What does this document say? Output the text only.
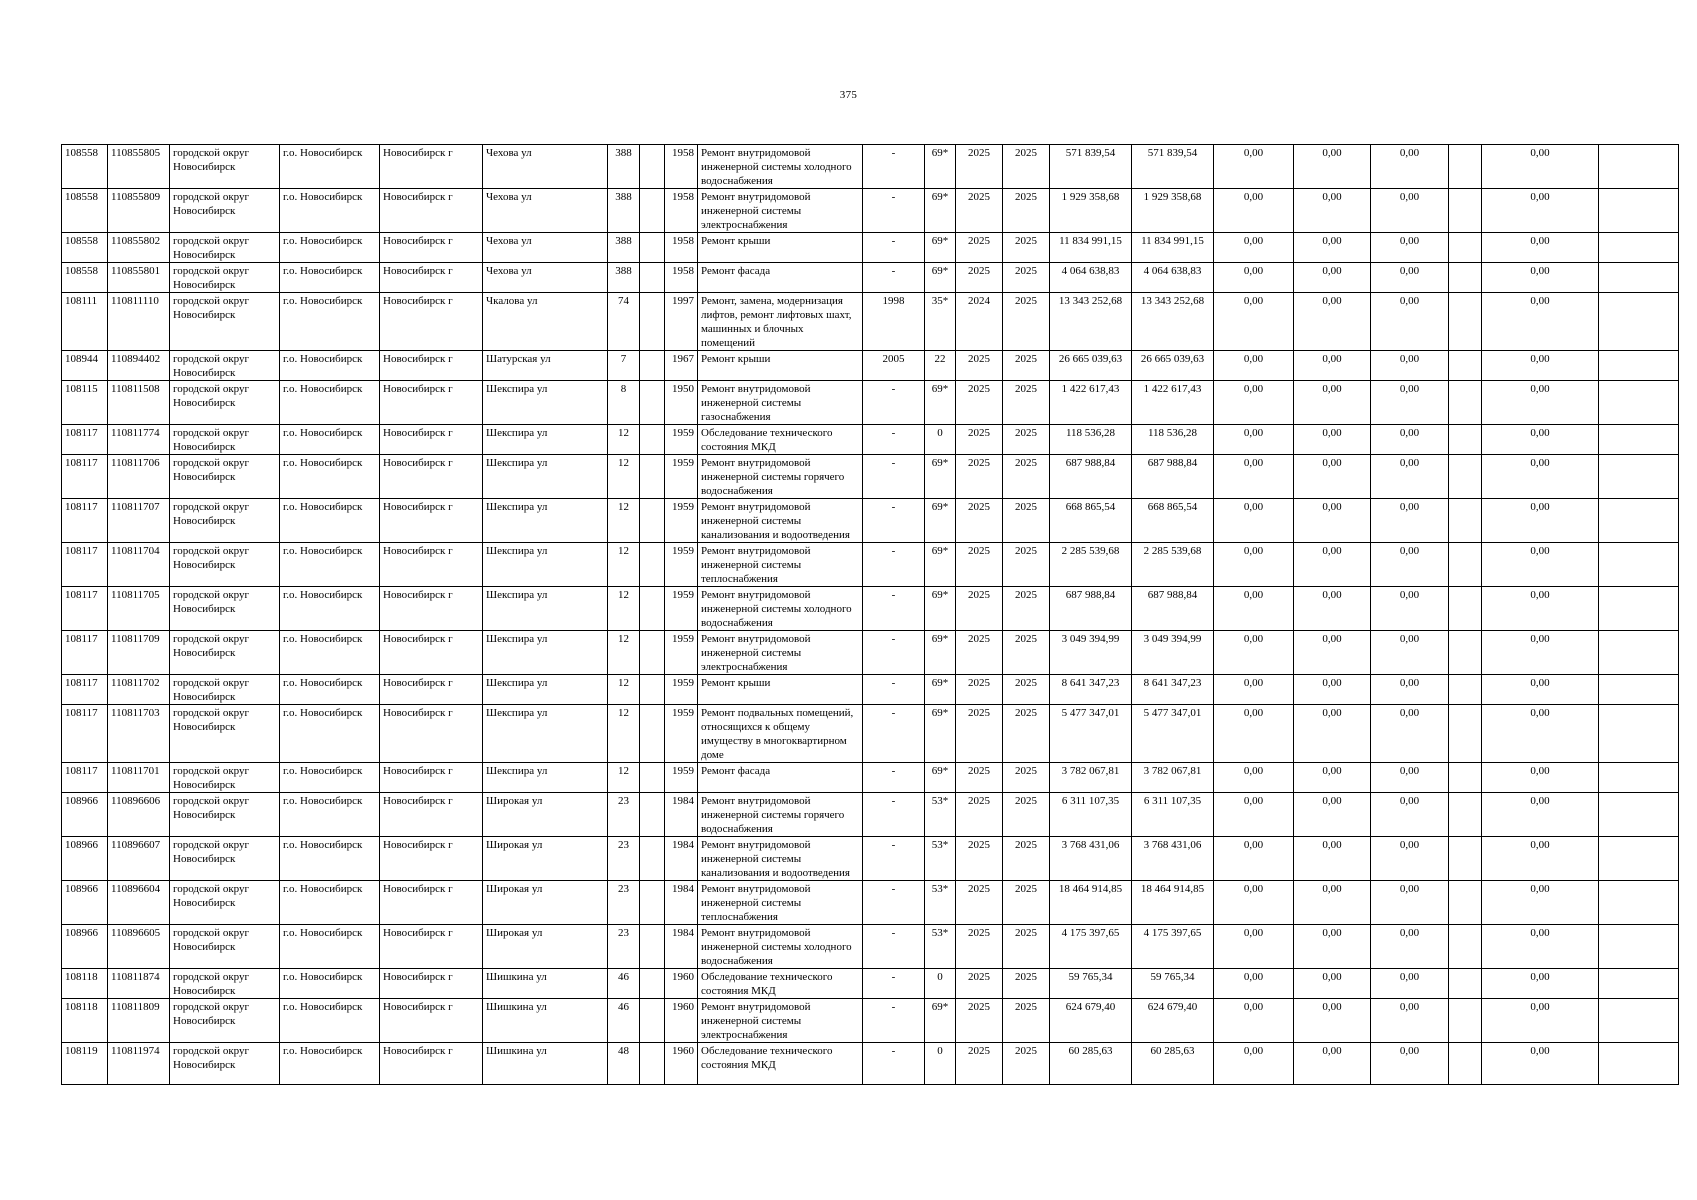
375
108558	110855805	городской округ Новосибирск	г.о. Новосибирск	Новосибирск г	Чехова ул	388		1958	Ремонт внутридомовой инженерной системы холодного водоснабжения	-	69*	2025	2025	571 839,54	571 839,54	0,00	0,00	0,00		0,00	
108558	110855809	городской округ Новосибирск	г.о. Новосибирск	Новосибирск г	Чехова ул	388		1958	Ремонт внутридомовой инженерной системы электроснабжения	-	69*	2025	2025	1 929 358,68	1 929 358,68	0,00	0,00	0,00		0,00	
108558	110855802	городской округ Новосибирск	г.о. Новосибирск	Новосибирск г	Чехова ул	388		1958	Ремонт крыши	-	69*	2025	2025	11 834 991,15	11 834 991,15	0,00	0,00	0,00		0,00	
108558	110855801	городской округ Новосибирск	г.о. Новосибирск	Новосибирск г	Чехова ул	388		1958	Ремонт фасада	-	69*	2025	2025	4 064 638,83	4 064 638,83	0,00	0,00	0,00		0,00	
108111	110811110	городской округ Новосибирск	г.о. Новосибирск	Новосибирск г	Чкалова ул	74		1997	Ремонт, замена, модернизация лифтов, ремонт лифтовых шахт, машинных и блочных помещений	1998	35*	2024	2025	13 343 252,68	13 343 252,68	0,00	0,00	0,00		0,00	
108944	110894402	городской округ Новосибирск	г.о. Новосибирск	Новосибирск г	Шатурская ул	7		1967	Ремонт крыши	2005	22	2025	2025	26 665 039,63	26 665 039,63	0,00	0,00	0,00		0,00	
108115	110811508	городской округ Новосибирск	г.о. Новосибирск	Новосибирск г	Шекспира ул	8		1950	Ремонт внутридомовой инженерной системы газоснабжения	-	69*	2025	2025	1 422 617,43	1 422 617,43	0,00	0,00	0,00		0,00	
108117	110811774	городской округ Новосибирск	г.о. Новосибирск	Новосибирск г	Шекспира ул	12		1959	Обследование технического состояния МКД	-	0	2025	2025	118 536,28	118 536,28	0,00	0,00	0,00		0,00	
108117	110811706	городской округ Новосибирск	г.о. Новосибирск	Новосибирск г	Шекспира ул	12		1959	Ремонт внутридомовой инженерной системы горячего водоснабжения	-	69*	2025	2025	687 988,84	687 988,84	0,00	0,00	0,00		0,00	
108117	110811707	городской округ Новосибирск	г.о. Новосибирск	Новосибирск г	Шекспира ул	12		1959	Ремонт внутридомовой инженерной системы канализования и водоотведения	-	69*	2025	2025	668 865,54	668 865,54	0,00	0,00	0,00		0,00	
108117	110811704	городской округ Новосибирск	г.о. Новосибирск	Новосибирск г	Шекспира ул	12		1959	Ремонт внутридомовой инженерной системы теплоснабжения	-	69*	2025	2025	2 285 539,68	2 285 539,68	0,00	0,00	0,00		0,00	
108117	110811705	городской округ Новосибирск	г.о. Новосибирск	Новосибирск г	Шекспира ул	12		1959	Ремонт внутридомовой инженерной системы холодного водоснабжения	-	69*	2025	2025	687 988,84	687 988,84	0,00	0,00	0,00		0,00	
108117	110811709	городской округ Новосибирск	г.о. Новосибирск	Новосибирск г	Шекспира ул	12		1959	Ремонт внутридомовой инженерной системы электроснабжения	-	69*	2025	2025	3 049 394,99	3 049 394,99	0,00	0,00	0,00		0,00	
108117	110811702	городской округ Новосибирск	г.о. Новосибирск	Новосибирск г	Шекспира ул	12		1959	Ремонт крыши	-	69*	2025	2025	8 641 347,23	8 641 347,23	0,00	0,00	0,00		0,00	
108117	110811703	городской округ Новосибирск	г.о. Новосибирск	Новосибирск г	Шекспира ул	12		1959	Ремонт подвальных помещений, относящихся к общему имуществу в многоквартирном доме	-	69*	2025	2025	5 477 347,01	5 477 347,01	0,00	0,00	0,00		0,00	
108117	110811701	городской округ Новосибирск	г.о. Новосибирск	Новосибирск г	Шекспира ул	12		1959	Ремонт фасада	-	69*	2025	2025	3 782 067,81	3 782 067,81	0,00	0,00	0,00		0,00	
108966	110896606	городской округ Новосибирск	г.о. Новосибирск	Новосибирск г	Широкая ул	23		1984	Ремонт внутридомовой инженерной системы горячего водоснабжения	-	53*	2025	2025	6 311 107,35	6 311 107,35	0,00	0,00	0,00		0,00	
108966	110896607	городской округ Новосибирск	г.о. Новосибирск	Новосибирск г	Широкая ул	23		1984	Ремонт внутридомовой инженерной системы канализования и водоотведения	-	53*	2025	2025	3 768 431,06	3 768 431,06	0,00	0,00	0,00		0,00	
108966	110896604	городской округ Новосибирск	г.о. Новосибирск	Новосибирск г	Широкая ул	23		1984	Ремонт внутридомовой инженерной системы теплоснабжения	-	53*	2025	2025	18 464 914,85	18 464 914,85	0,00	0,00	0,00		0,00	
108966	110896605	городской округ Новосибирск	г.о. Новосибирск	Новосибирск г	Широкая ул	23		1984	Ремонт внутридомовой инженерной системы холодного водоснабжения	-	53*	2025	2025	4 175 397,65	4 175 397,65	0,00	0,00	0,00		0,00	
108118	110811874	городской округ Новосибирск	г.о. Новосибирск	Новосибирск г	Шишкина ул	46		1960	Обследование технического состояния МКД	-	0	2025	2025	59 765,34	59 765,34	0,00	0,00	0,00		0,00	
108118	110811809	городской округ Новосибирск	г.о. Новосибирск	Новосибирск г	Шишкина ул	46		1960	Ремонт внутридомовой инженерной системы электроснабжения	-	69*	2025	2025	624 679,40	624 679,40	0,00	0,00	0,00		0,00	
108119	110811974	городской округ Новосибирск	г.о. Новосибирск	Новосибирск г	Шишкина ул	48		1960	Обследование технического состояния МКД	-	0	2025	2025	60 285,63	60 285,63	0,00	0,00	0,00		0,00	
